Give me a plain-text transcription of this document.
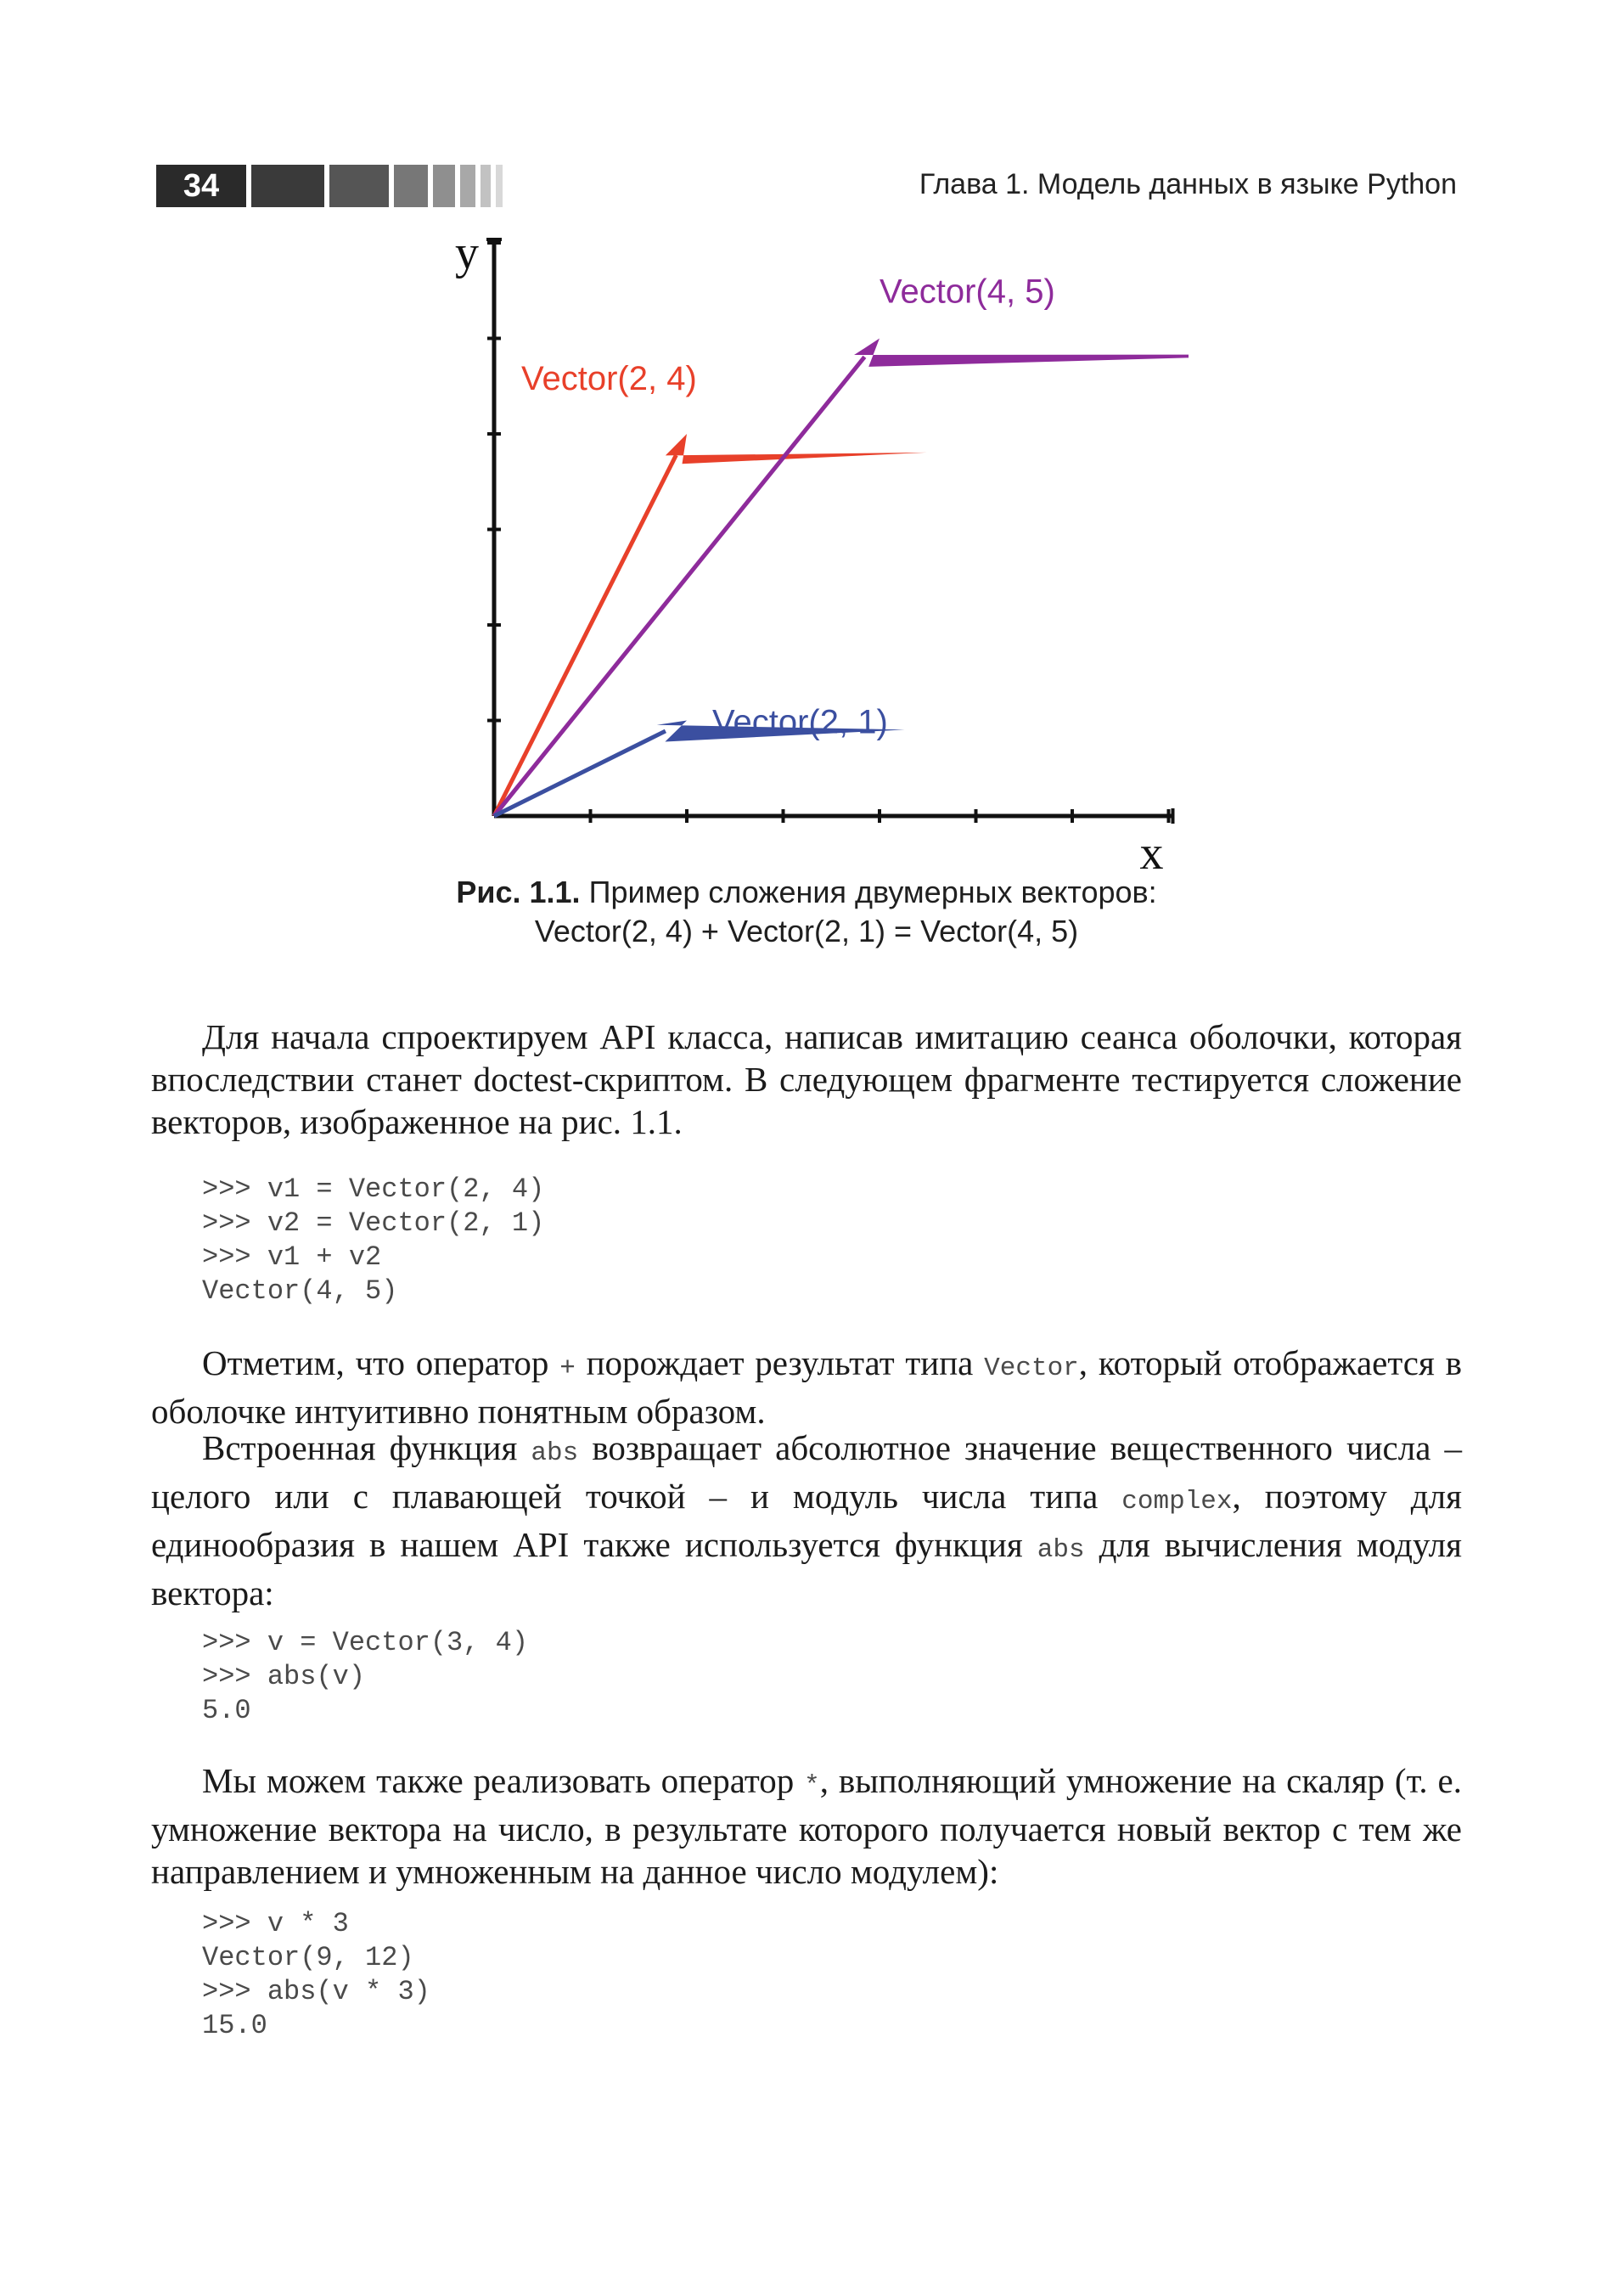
34	Глава 1. Модель данных в языке Python
y
x
Vector(2, 4)
Vector(4, 5)
Vector(2, 1)
Рис. 1.1. Пример сложения двумерных векторов:
Vector(2, 4) + Vector(2, 1) = Vector(4, 5)

Для начала спроектируем API класса, написав имитацию сеанса оболочки, которая впоследствии станет doctest-скриптом. В следующем фрагменте тестируется сложение векторов, изображенное на рис. 1.1.

>>> v1 = Vector(2, 4)
>>> v2 = Vector(2, 1)
>>> v1 + v2
Vector(4, 5)

Отметим, что оператор + порождает результат типа Vector, который отображается в оболочке интуитивно понятным образом.

Встроенная функция abs возвращает абсолютное значение вещественного числа – целого или с плавающей точкой – и модуль числа типа complex, поэтому для единообразия в нашем API также используется функция abs для вычисления модуля вектора:

>>> v = Vector(3, 4)
>>> abs(v)
5.0

Мы можем также реализовать оператор *, выполняющий умножение на скаляр (т. е. умножение вектора на число, в результате которого получается новый вектор с тем же направлением и умноженным на данное число модулем):

>>> v * 3
Vector(9, 12)
>>> abs(v * 3)
15.0
